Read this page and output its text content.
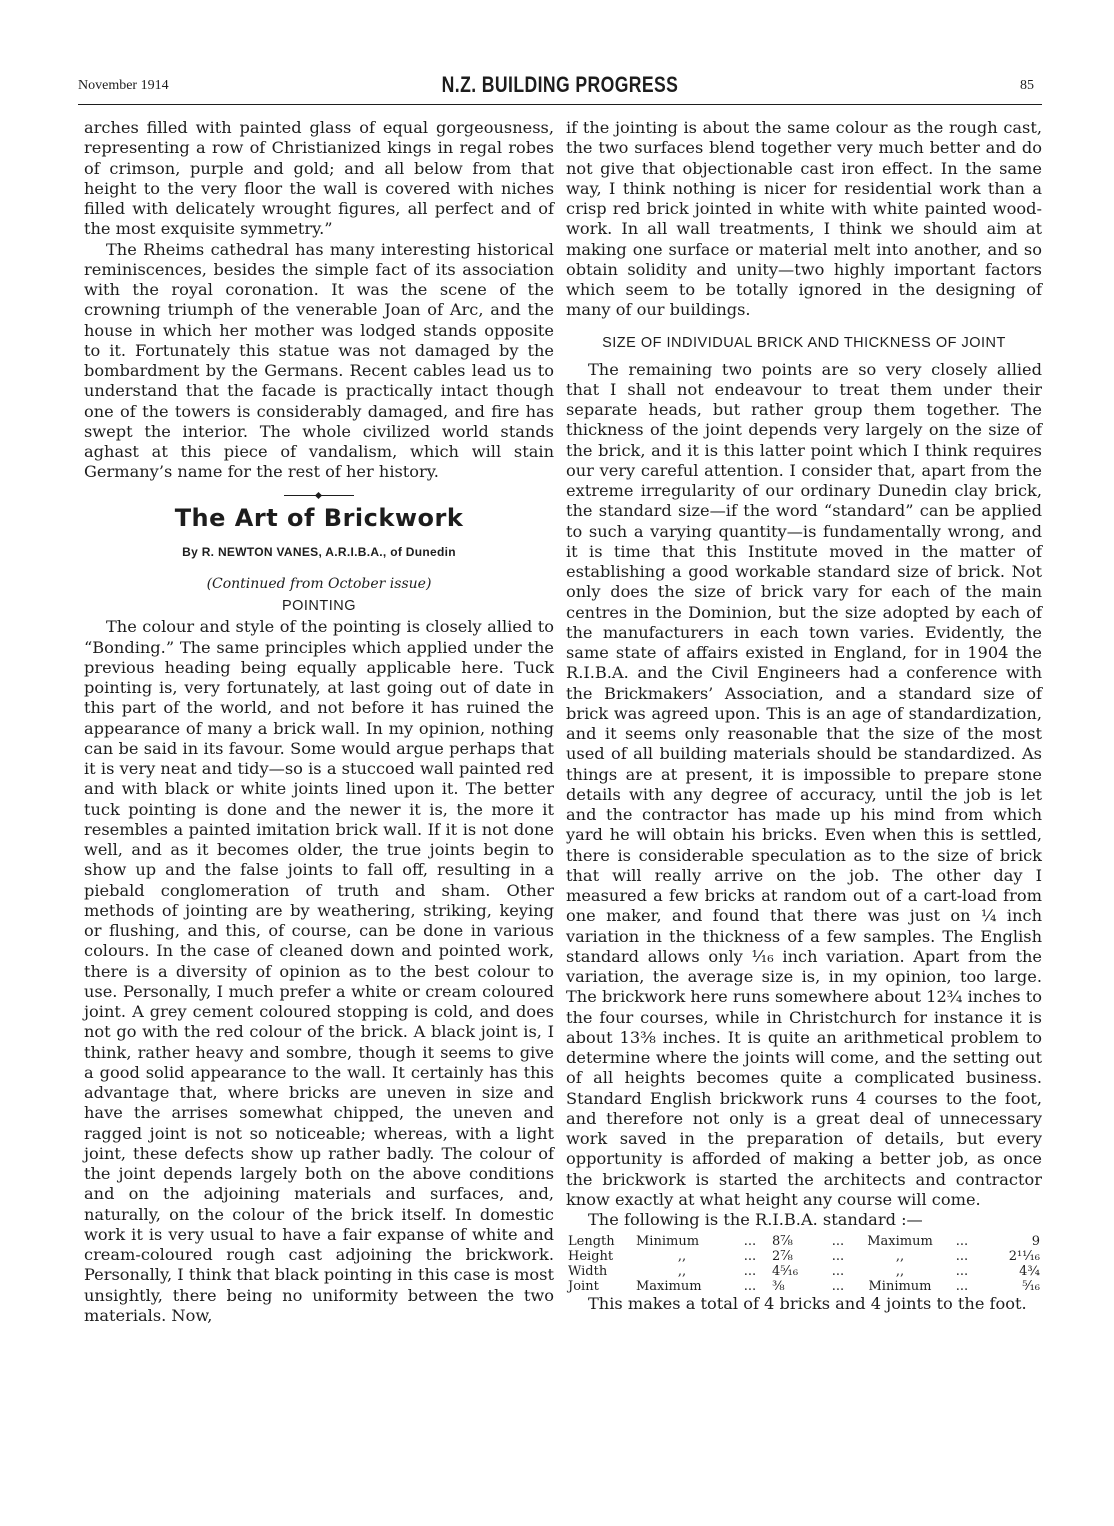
November 1914	N.Z. BUILDING PROGRESS	85

arches filled with painted glass of equal gorgeousness, representing a row of Christianized kings in regal robes of crimson, purple and gold; and all below from that height to the very floor the wall is covered with niches filled with delicately wrought figures, all perfect and of the most exquisite symmetry.”

The Rheims cathedral has many interesting historical reminiscences, besides the simple fact of its association with the royal coronation. It was the scene of the crowning triumph of the venerable Joan of Arc, and the house in which her mother was lodged stands opposite to it. Fortunately this statue was not damaged by the bombardment by the Germans. Recent cables lead us to understand that the facade is practically intact though one of the towers is considerably damaged, and fire has swept the interior. The whole civilized world stands aghast at this piece of vandalism, which will stain Germany’s name for the rest of her history.

The Art of Brickwork
By R. NEWTON VANES, A.R.I.B.A., of Dunedin
(Continued from October issue)
POINTING

The colour and style of the pointing is closely allied to “Bonding.” The same principles which applied under the previous heading being equally applicable here. Tuck pointing is, very fortunately, at last going out of date in this part of the world, and not before it has ruined the appearance of many a brick wall. In my opinion, nothing can be said in its favour. Some would argue perhaps that it is very neat and tidy—so is a stuccoed wall painted red and with black or white joints lined upon it. The better tuck pointing is done and the newer it is, the more it resembles a painted imitation brick wall. If it is not done well, and as it becomes older, the true joints begin to show up and the false joints to fall off, resulting in a piebald conglomeration of truth and sham. Other methods of jointing are by weathering, striking, keying or flushing, and this, of course, can be done in various colours. In the case of cleaned down and pointed work, there is a diversity of opinion as to the best colour to use. Personally, I much prefer a white or cream coloured joint. A grey cement coloured stopping is cold, and does not go with the red colour of the brick. A black joint is, I think, rather heavy and sombre, though it seems to give a good solid appearance to the wall. It certainly has this advantage that, where bricks are uneven in size and have the arrises somewhat chipped, the uneven and ragged joint is not so noticeable; whereas, with a light joint, these defects show up rather badly. The colour of the joint depends largely both on the above conditions and on the adjoining materials and surfaces, and, naturally, on the colour of the brick itself. In domestic work it is very usual to have a fair expanse of white and cream-coloured rough cast adjoining the brickwork. Personally, I think that black pointing in this case is most unsightly, there being no uniformity between the two materials. Now,

if the jointing is about the same colour as the rough cast, the two surfaces blend together very much better and do not give that objectionable cast iron effect. In the same way, I think nothing is nicer for residential work than a crisp red brick jointed in white with white painted wood-work. In all wall treatments, I think we should aim at making one surface or material melt into another, and so obtain solidity and unity—two highly important factors which seem to be totally ignored in the designing of many of our buildings.

SIZE OF INDIVIDUAL BRICK AND THICKNESS OF JOINT

The remaining two points are so very closely allied that I shall not endeavour to treat them under their separate heads, but rather group them together. The thickness of the joint depends very largely on the size of the brick, and it is this latter point which I think requires our very careful attention. I consider that, apart from the extreme irregularity of our ordinary Dunedin clay brick, the standard size—if the word “standard” can be applied to such a varying quantity—is fundamentally wrong, and it is time that this Institute moved in the matter of establishing a good workable standard size of brick. Not only does the size of brick vary for each of the main centres in the Dominion, but the size adopted by each of the manufacturers in each town varies. Evidently, the same state of affairs existed in England, for in 1904 the R.I.B.A. and the Civil Engineers had a conference with the Brickmakers’ Association, and a standard size of brick was agreed upon. This is an age of standardization, and it seems only reasonable that the size of the most used of all building materials should be standardized. As things are at present, it is impossible to prepare stone details with any degree of accuracy, until the job is let and the contractor has made up his mind from which yard he will obtain his bricks. Even when this is settled, there is considerable speculation as to the size of brick that will really arrive on the job. The other day I measured a few bricks at random out of a cart-load from one maker, and found that there was just on ¼ inch variation in the thickness of a few samples. The English standard allows only ¹⁄₁₆ inch variation. Apart from the variation, the average size is, in my opinion, too large. The brickwork here runs somewhere about 12¾ inches to the four courses, while in Christchurch for instance it is about 13⅜ inches. It is quite an arithmetical problem to determine where the joints will come, and the setting out of all heights becomes quite a complicated business. Standard English brickwork runs 4 courses to the foot, and therefore not only is a great deal of unnecessary work saved in the preparation of details, but every opportunity is afforded of making a better job, as once the brickwork is started the architects and contractor know exactly at what height any course will come.

The following is the R.I.B.A. standard :—

Length	Minimum	...	8⅞	...	Maximum	...	9
Height	,,	...	2⅞	...	,,	...	2¹¹⁄₁₆
Width	,,	...	4⁵⁄₁₆	...	,,	...	4¾
Joint	Maximum	...	⅜	...	Minimum	...	⁵⁄₁₆

This makes a total of 4 bricks and 4 joints to the foot.
